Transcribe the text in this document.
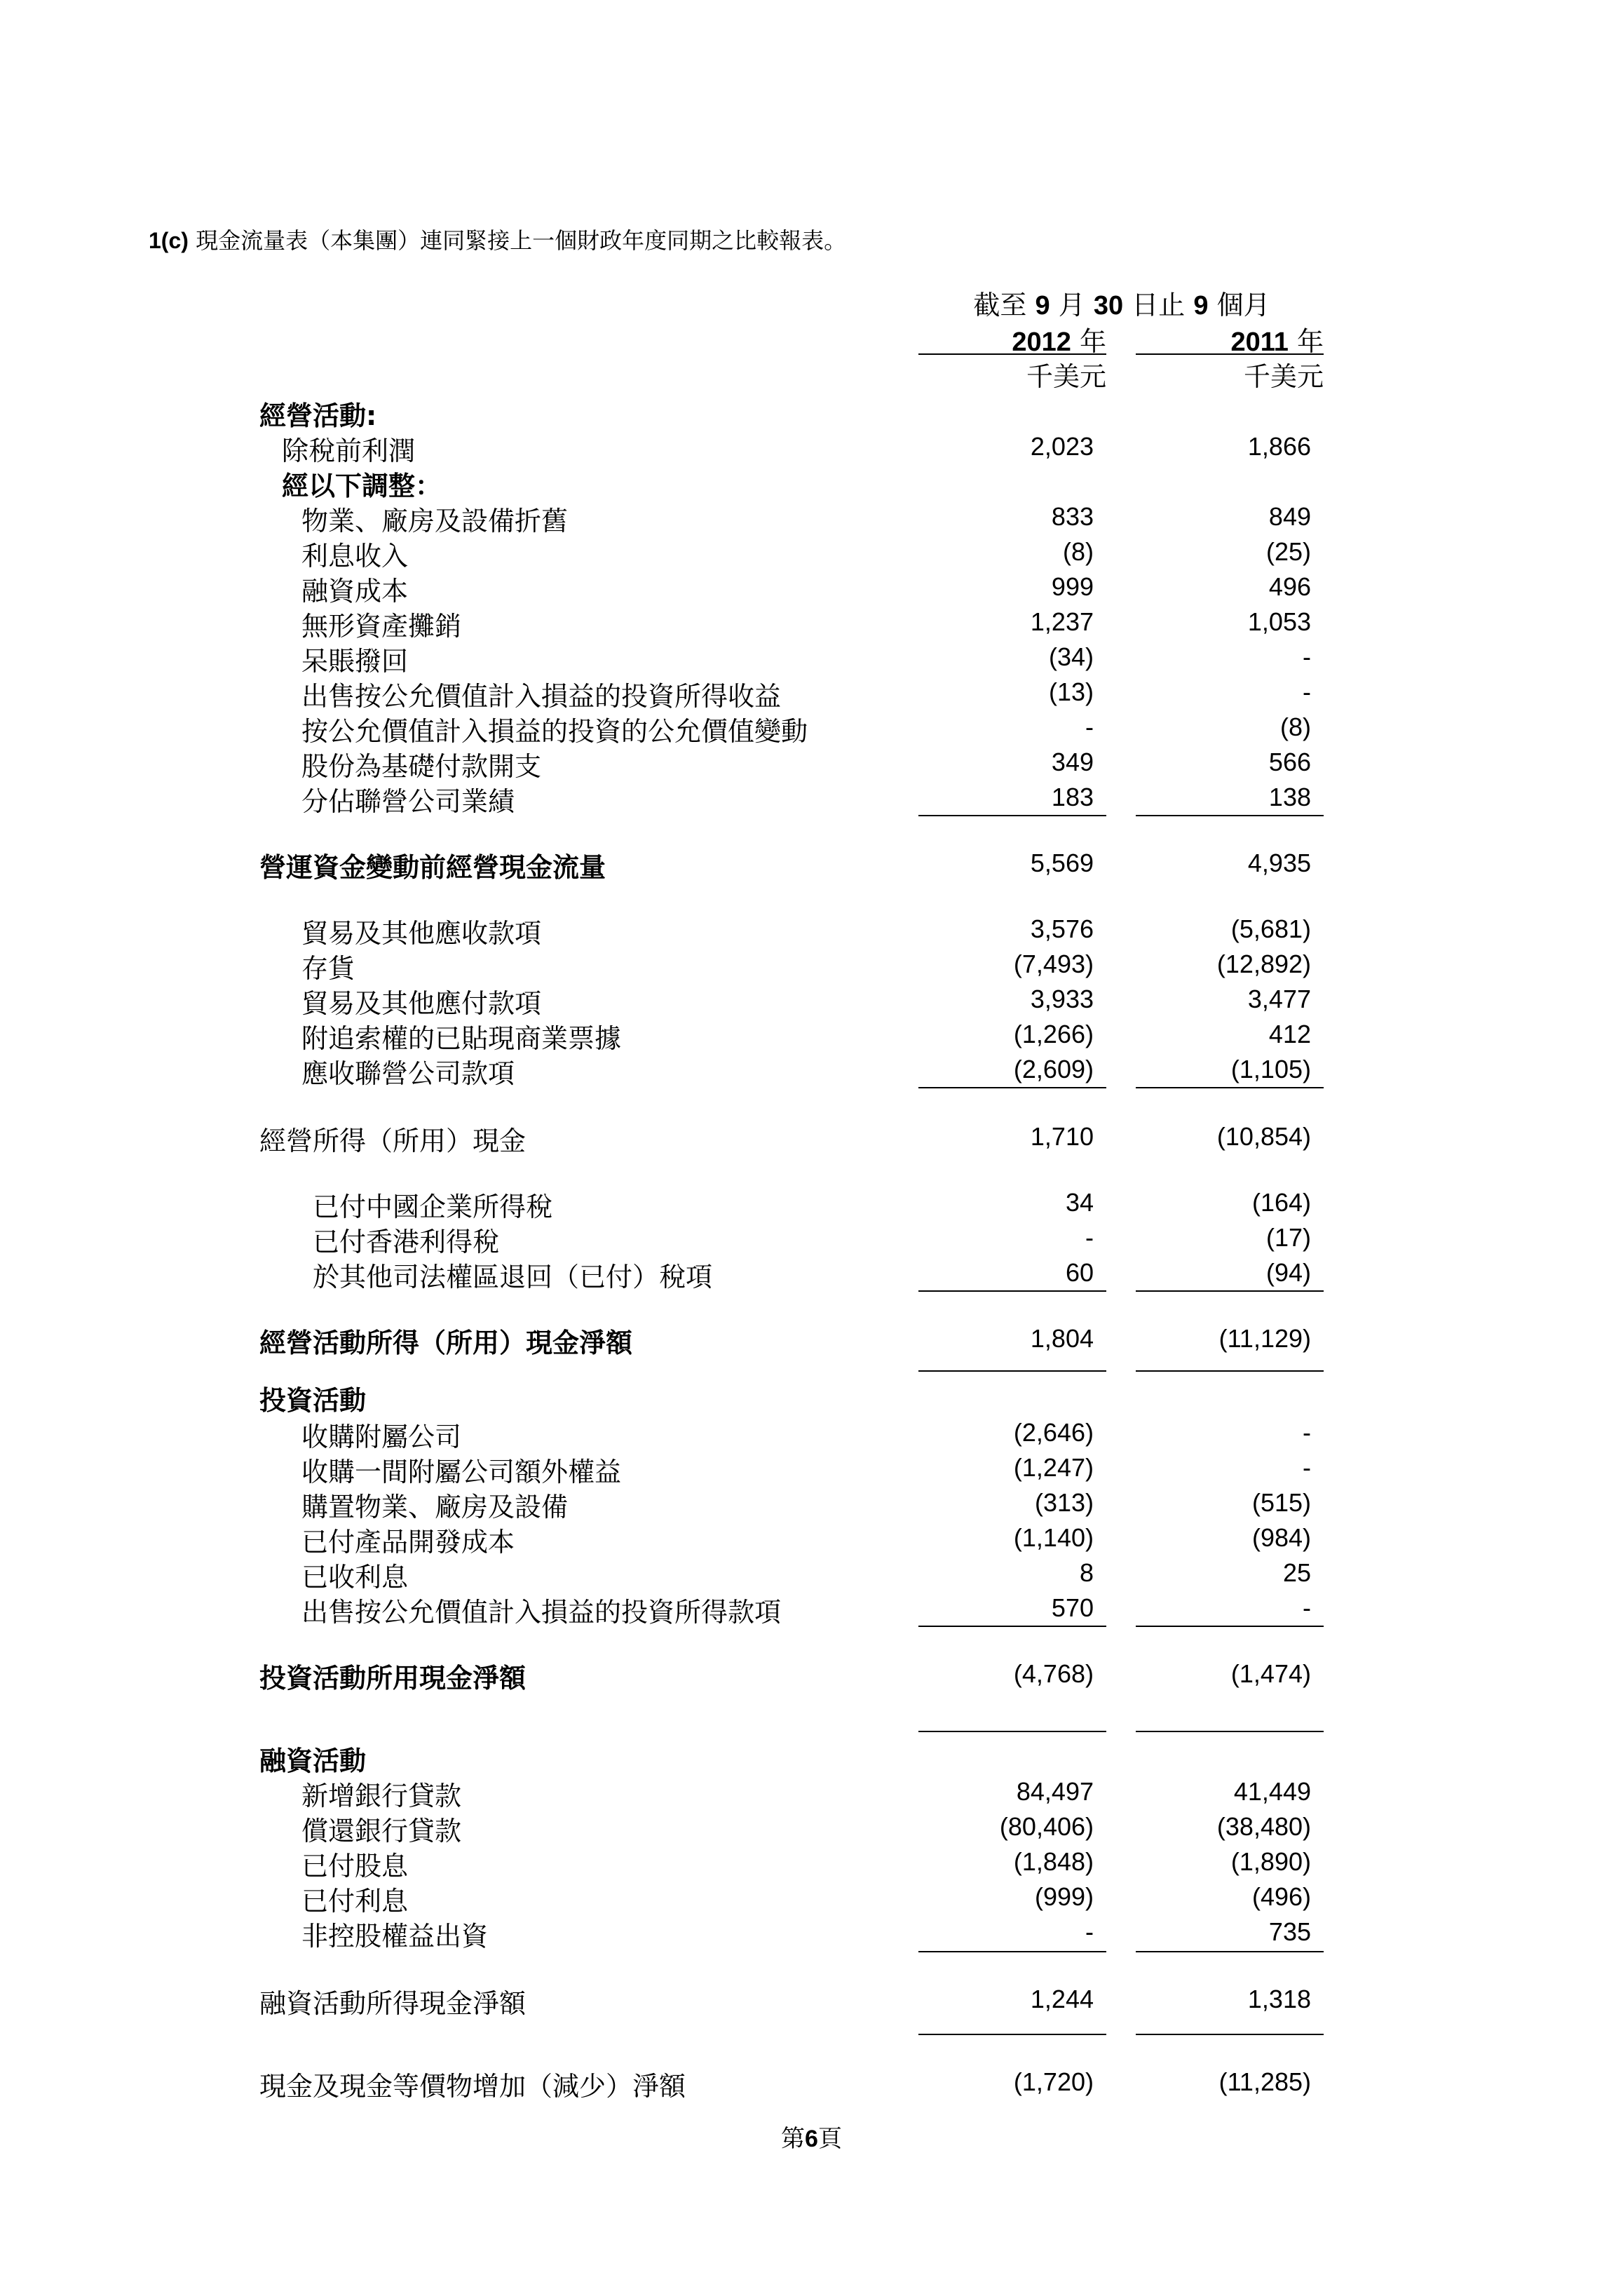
1(c) 現金流量表（本集團）連同緊接上一個財政年度同期之比較報表。
截至 9 月 30 日止 9 個月
2012 年	2011 年
千美元	千美元
經營活動:
除稅前利潤	2,023	1,866
經以下調整：
物業、廠房及設備折舊	833	849
利息收入	(8)	(25)
融資成本	999	496
無形資產攤銷	1,237	1,053
呆賬撥回	(34)	-
出售按公允價值計入損益的投資所得收益	(13)	-
按公允價值計入損益的投資的公允價值變動	-	(8)
股份為基礎付款開支	349	566
分佔聯營公司業績	183	138
營運資金變動前經營現金流量	5,569	4,935
貿易及其他應收款項	3,576	(5,681)
存貨	(7,493)	(12,892)
貿易及其他應付款項	3,933	3,477
附追索權的已貼現商業票據	(1,266)	412
應收聯營公司款項	(2,609)	(1,105)
經營所得（所用）現金	1,710	(10,854)
已付中國企業所得稅	34	(164)
已付香港利得稅	-	(17)
於其他司法權區退回（已付）稅項	60	(94)
經營活動所得（所用）現金淨額	1,804	(11,129)
投資活動
收購附屬公司	(2,646)	-
收購一間附屬公司額外權益	(1,247)	-
購置物業、廠房及設備	(313)	(515)
已付產品開發成本	(1,140)	(984)
已收利息	8	25
出售按公允價值計入損益的投資所得款項	570	-
投資活動所用現金淨額	(4,768)	(1,474)
融資活動
新增銀行貸款	84,497	41,449
償還銀行貸款	(80,406)	(38,480)
已付股息	(1,848)	(1,890)
已付利息	(999)	(496)
非控股權益出資	-	735
融資活動所得現金淨額	1,244	1,318
現金及現金等價物增加（減少）淨額	(1,720)	(11,285)
第6頁
